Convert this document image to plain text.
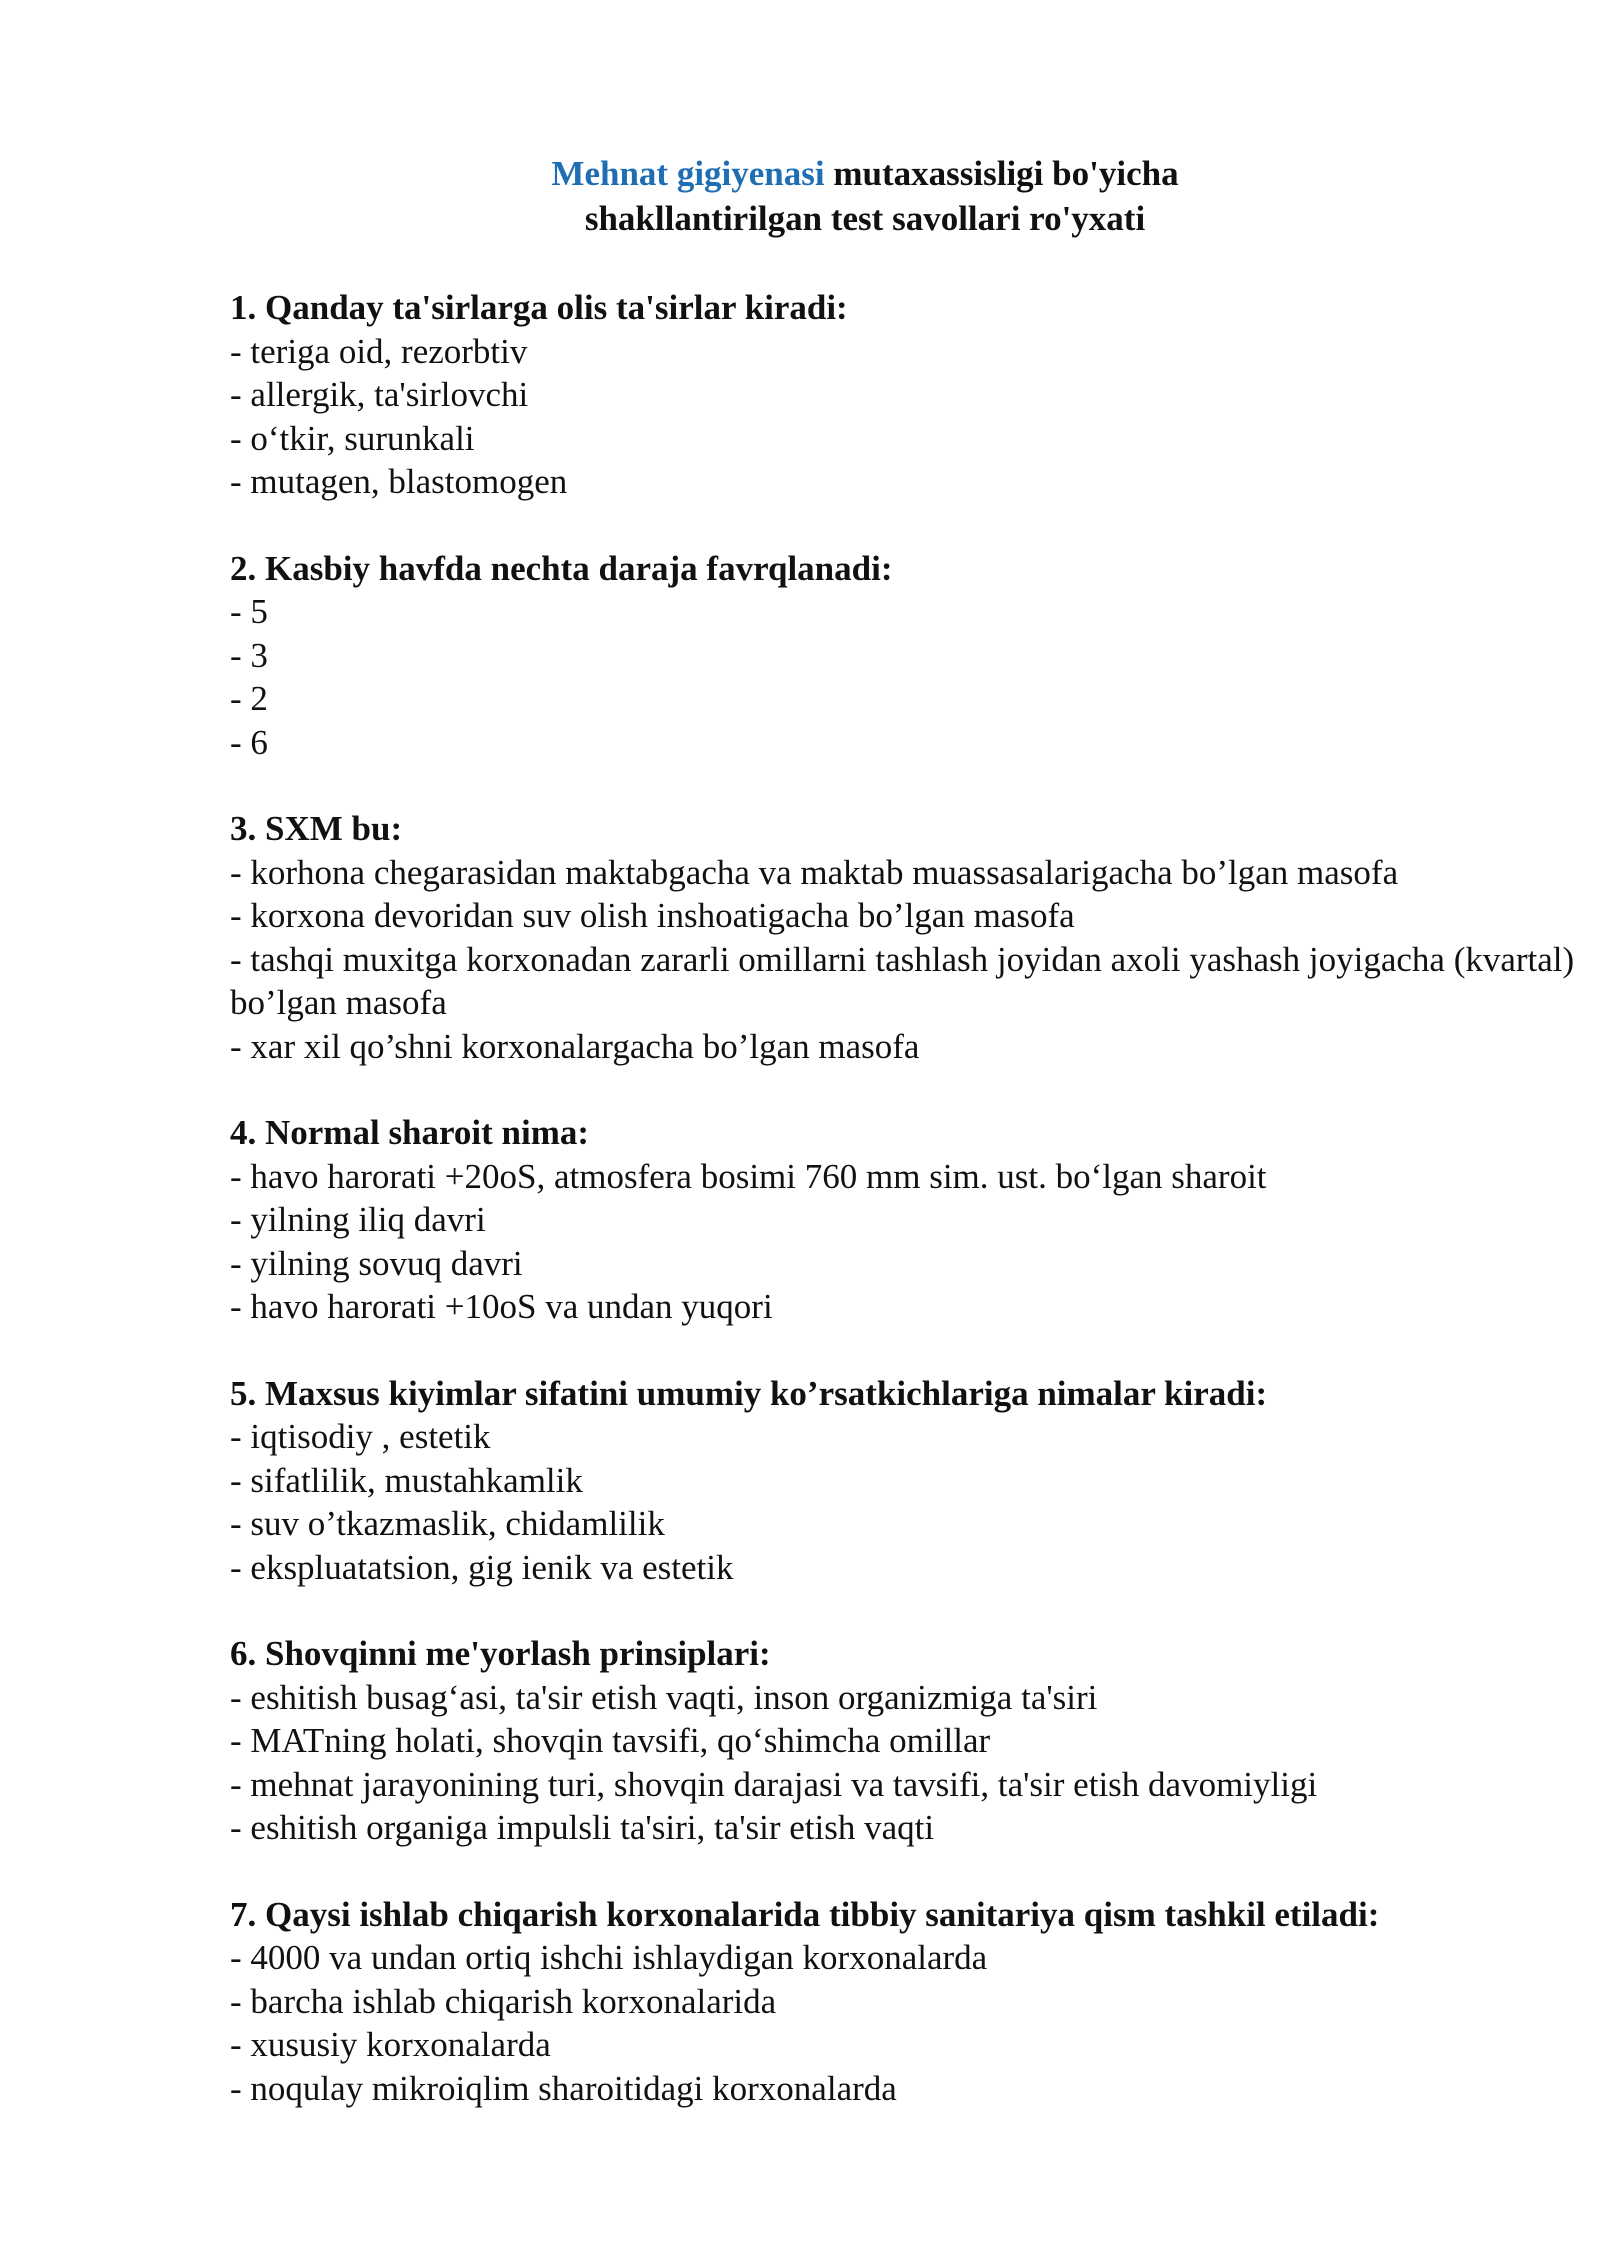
Mehnat gigiyenasi mutaxassisligi bo'yicha
shakllantirilgan test savollari ro'yxati

1. Qanday ta'sirlarga olis ta'sirlar kiradi:

- teriga oid, rezorbtiv
- allergik, ta'sirlovchi
- o‘tkir, surunkali
- mutagen, blastomogen

2. Kasbiy havfda nechta daraja favrqlanadi:

- 5
- 3
- 2
- 6

3. SXM bu:

- korhona chegarasidan maktabgacha va maktab muassasalarigacha bo’lgan masofa
- korxona devoridan suv olish inshoatigacha bo’lgan masofa
- tashqi muxitga korxonadan zararli omillarni tashlash joyidan axoli yashash joyigacha (kvartal) bo’lgan masofa
- xar xil qo’shni korxonalargacha bo’lgan masofa

4. Normal sharoit nima:

- havo harorati +20oS, atmosfera bosimi 760 mm sim. ust. bo‘lgan sharoit
- yilning iliq davri
- yilning sovuq davri
- havo harorati +10oS va undan yuqori

5. Maxsus kiyimlar sifatini umumiy ko’rsatkichlariga nimalar kiradi:

- iqtisodiy , estetik
- sifatlilik, mustahkamlik
- suv o’tkazmaslik, chidamlilik
- ekspluatatsion, gig ienik va estetik

6. Shovqinni me'yorlash prinsiplari:

- eshitish busag‘asi, ta'sir etish vaqti, inson organizmiga ta'siri
- MATning holati, shovqin tavsifi, qo‘shimcha omillar
- mehnat jarayonining turi, shovqin darajasi va tavsifi, ta'sir etish davomiyligi
- eshitish organiga impulsli ta'siri, ta'sir etish vaqti

7. Qaysi ishlab chiqarish korxonalarida tibbiy sanitariya qism tashkil etiladi:

- 4000 va undan ortiq ishchi ishlaydigan korxonalarda
- barcha ishlab chiqarish korxonalarida
- xususiy korxonalarda
- noqulay mikroiqlim sharoitidagi korxonalarda
